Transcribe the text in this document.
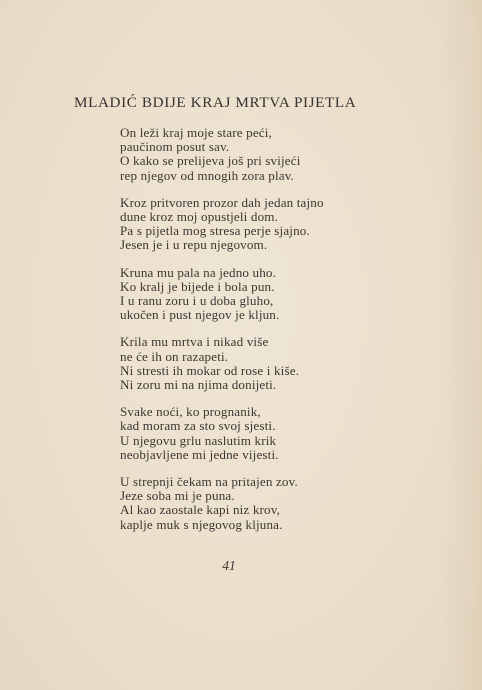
MLADIĆ BDIJE KRAJ MRTVA PIJETLA
On leži kraj moje stare peći,
paučinom posut sav.
O kako se prelijeva još pri svijeći
rep njegov od mnogih zora plav.
Kroz pritvoren prozor dah jedan tajno
dune kroz moj opustjeli dom.
Pa s pijetla mog stresa perje sjajno.
Jesen je i u repu njegovom.
Kruna mu pala na jedno uho.
Ko kralj je bijede i bola pun.
I u ranu zoru i u doba gluho,
ukočen i pust njegov je kljun.
Krila mu mrtva i nikad više
ne će ih on razapeti.
Ni stresti ih mokar od rose i kiše.
Ni zoru mi na njima donijeti.
Svake noći, ko prognanik,
kad moram za sto svoj sjesti.
U njegovu grlu naslutim krik
neobjavljene mi jedne vijesti.
U strepnji čekam na pritajen zov.
Jeze soba mi je puna.
Al kao zaostale kapi niz krov,
kaplje muk s njegovog kljuna.
41
